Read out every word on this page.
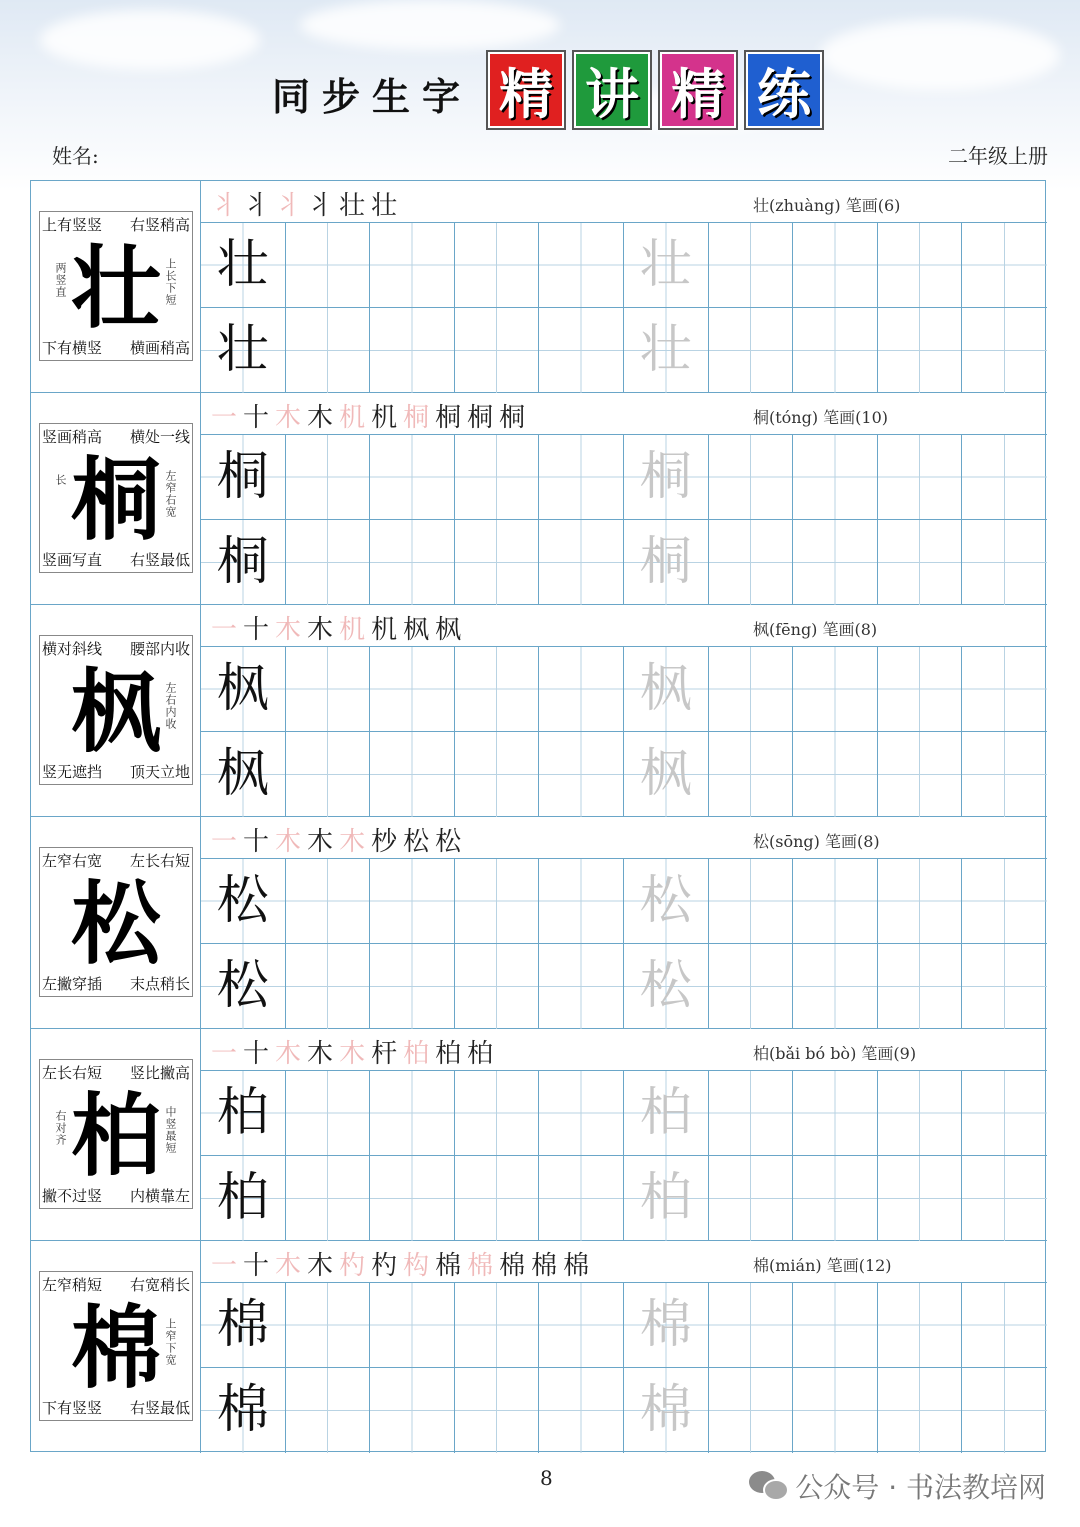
同步生字 精 讲 精 练
姓名:	二年级上册
上有竖竖 右竖稍高
下有横竖 横画稍高
壮
两竖直	上长下短
丬 丬 丬 丬 壮 壮	壮(zhuàng) 笔画(6)
壮	壮
壮	壮
竖画稍高 横处一线
竖画写直 右竖最低
桐
长	左窄右宽
一 十 木 木 机 机 桐 桐 桐 桐	桐(tóng) 笔画(10)
桐	桐
桐	桐
横对斜线 腰部内收
竖无遮挡 顶天立地
枫 左右内收
一 十 木 木 机 机 枫 枫	枫(fēng) 笔画(8)
枫	枫
枫	枫
左窄右宽 左长右短
左撇穿插 末点稍长
松
一 十 木 木 木 杪 松 松	松(sōng) 笔画(8)
松	松
松	松
左长右短 竖比撇高
撇不过竖 内横靠左
柏
右对齐	中竖最短
一 十 木 木 木 杆 柏 柏 柏	柏(bǎi bó bò) 笔画(9)
柏	柏
柏	柏
左窄稍短 右宽稍长
下有竖竖 右竖最低
棉 上窄下宽
一 十 木 木 杓 杓 构 棉 棉 棉 棉 棉	棉(mián) 笔画(12)
棉	棉
棉	棉
8	公众号 · 书法教培网
